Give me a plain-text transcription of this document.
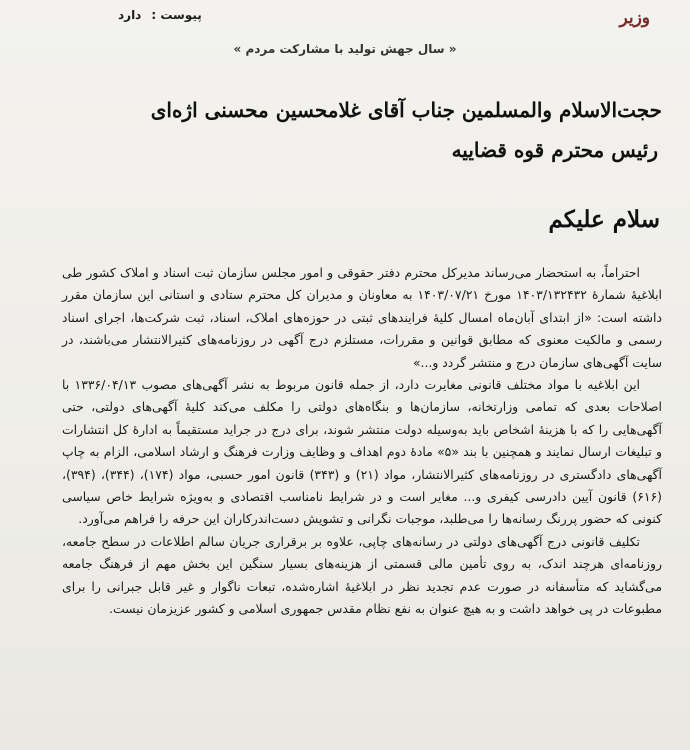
پیوست :دارد	وزیر
« سال جهش تولید با مشارکت مردم »
حجت‌الاسلام والمسلمین جناب آقای غلامحسین محسنی اژه‌ای
رئیس محترم قوه قضاییه
سلام علیکم

احتراماً، به استحضار می‌رساند مدیرکل محترم دفتر حقوقی و امور مجلس سازمان ثبت اسناد و املاک کشور طی ابلاغیهٔ شمارهٔ ۱۴۰۳/۱۳۲۴۳۲ مورخ ۱۴۰۳/۰۷/۲۱ به معاونان و مدیران کل محترم ستادی و استانی این سازمان مقرر داشته است: «از ابتدای آبان‌ماه امسال کلیهٔ فرایندهای ثبتی در حوزه‌های املاک، اسناد، ثبت شرکت‌ها، اجرای اسناد رسمی و مالکیت معنوی که مطابق قوانین و مقررات، مستلزم درج آگهی در روزنامه‌های کثیرالانتشار می‌باشند، در سایت آگهی‌های سازمان درج و منتشر گردد و...»

این ابلاغیه با مواد مختلف قانونی مغایرت دارد، از جمله قانون مربوط به نشر آگهی‌های مصوب ۱۳۳۶/۰۴/۱۳ با اصلاحات بعدی که تمامی وزارتخانه، سازمان‌ها و بنگاه‌های دولتی را مکلف می‌کند کلیهٔ آگهی‌های دولتی، حتی آگهی‌هایی را که با هزینهٔ اشخاص باید به‌وسیله دولت منتشر شوند، برای درج در جراید مستقیماً به ادارهٔ کل انتشارات و تبلیغات ارسال نمایند و همچنین با بند «۵» مادهٔ دوم اهداف و وظایف وزارت فرهنگ و ارشاد اسلامی، الزام به چاپ آگهی‌های دادگستری در روزنامه‌های کثیرالانتشار، مواد (۲۱) و (۳۴۳) قانون امور حسبی، مواد (۱۷۴)، (۳۴۴)، (۳۹۴)، (۶۱۶) قانون آیین دادرسی کیفری و... مغایر است و در شرایط نامناسب اقتصادی و به‌ویژه شرایط خاص سیاسی کنونی که حضور پررنگ رسانه‌ها را می‌طلبد، موجبات نگرانی و تشویش دست‌اندرکاران این حرفه را فراهم می‌آورد.

تکلیف قانونی درج آگهی‌های دولتی در رسانه‌های چاپی، علاوه بر برقراری جریان سالم اطلاعات در سطح جامعه، روزنامه‌ای هرچند اندک، به روی تأمین مالی قسمتی از هزینه‌های بسیار سنگین این بخش مهم از فرهنگ جامعه می‌گشاید که متأسفانه در صورت عدم تجدید نظر در ابلاغیهٔ اشاره‌شده، تبعات ناگوار و غیر قابل جبرانی را برای مطبوعات در پی خواهد داشت و به هیچ عنوان به نفع نظام مقدس جمهوری اسلامی و کشور عزیزمان نیست.
